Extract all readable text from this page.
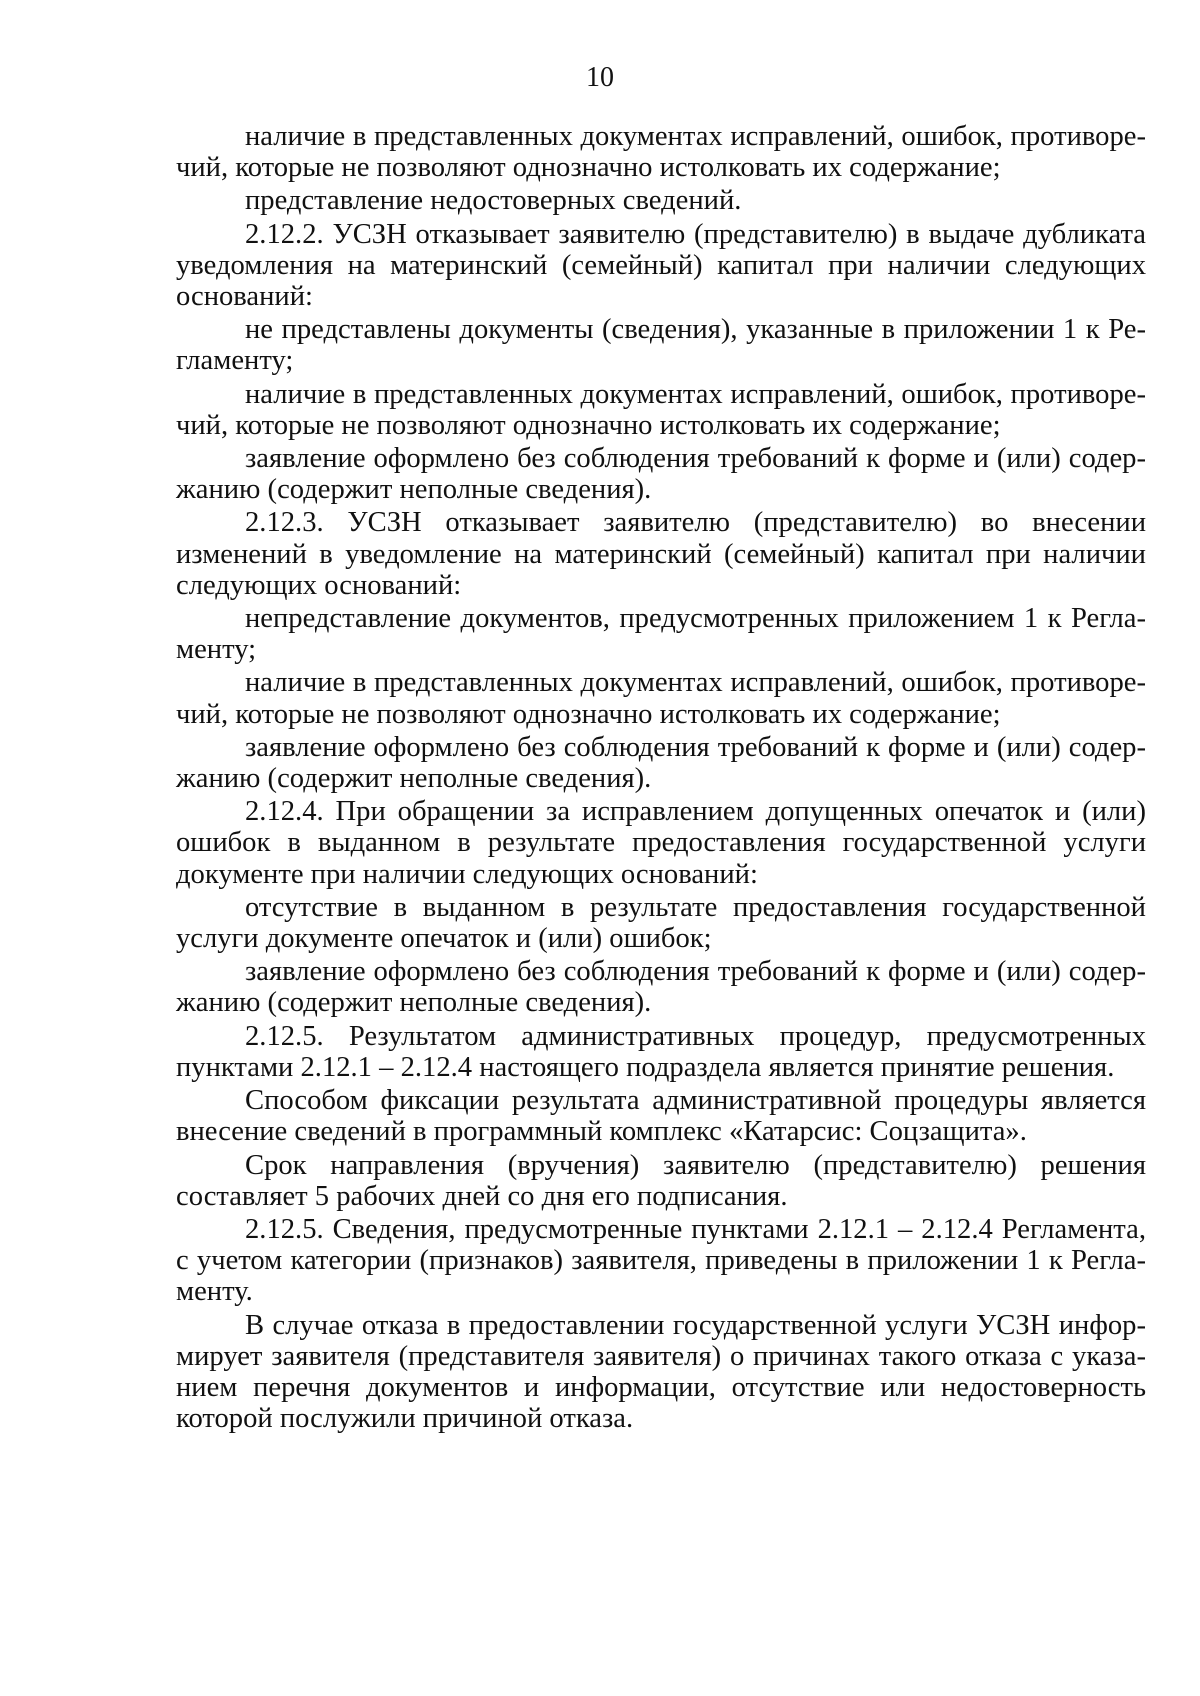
10

наличие в представленных документах исправлений, ошибок, противоречий, которые не позволяют однозначно истолковать их содержание;

представление недостоверных сведений.

2.12.2. УСЗН отказывает заявителю (представителю) в выдаче дубликата уведомления на материнский (семейный) капитал при наличии следующих оснований:

не представлены документы (сведения), указанные в приложении 1 к Регламенту;

наличие в представленных документах исправлений, ошибок, противоречий, которые не позволяют однозначно истолковать их содержание;

заявление оформлено без соблюдения требований к форме и (или) содержанию (содержит неполные сведения).

2.12.3. УСЗН отказывает заявителю (представителю) во внесении изменений в уведомление на материнский (семейный) капитал при наличии следующих оснований:

непредставление документов, предусмотренных приложением 1 к Регламенту;

наличие в представленных документах исправлений, ошибок, противоречий, которые не позволяют однозначно истолковать их содержание;

заявление оформлено без соблюдения требований к форме и (или) содержанию (содержит неполные сведения).

2.12.4. При обращении за исправлением допущенных опечаток и (или) ошибок в выданном в результате предоставления государственной услуги документе при наличии следующих оснований:

отсутствие в выданном в результате предоставления государственной услуги документе опечаток и (или) ошибок;

заявление оформлено без соблюдения требований к форме и (или) содержанию (содержит неполные сведения).

2.12.5. Результатом административных процедур, предусмотренных пунктами 2.12.1 – 2.12.4 настоящего подраздела является принятие решения.

Способом фиксации результата административной процедуры является внесение сведений в программный комплекс «Катарсис: Соцзащита».

Срок направления (вручения) заявителю (представителю) решения составляет 5 рабочих дней со дня его подписания.

2.12.5. Сведения, предусмотренные пунктами 2.12.1 – 2.12.4 Регламента, с учетом категории (признаков) заявителя, приведены в приложении 1 к Регламенту.

В случае отказа в предоставлении государственной услуги УСЗН информирует заявителя (представителя заявителя) о причинах такого отказа с указанием перечня документов и информации, отсутствие или недостоверность которой послужили причиной отказа.
